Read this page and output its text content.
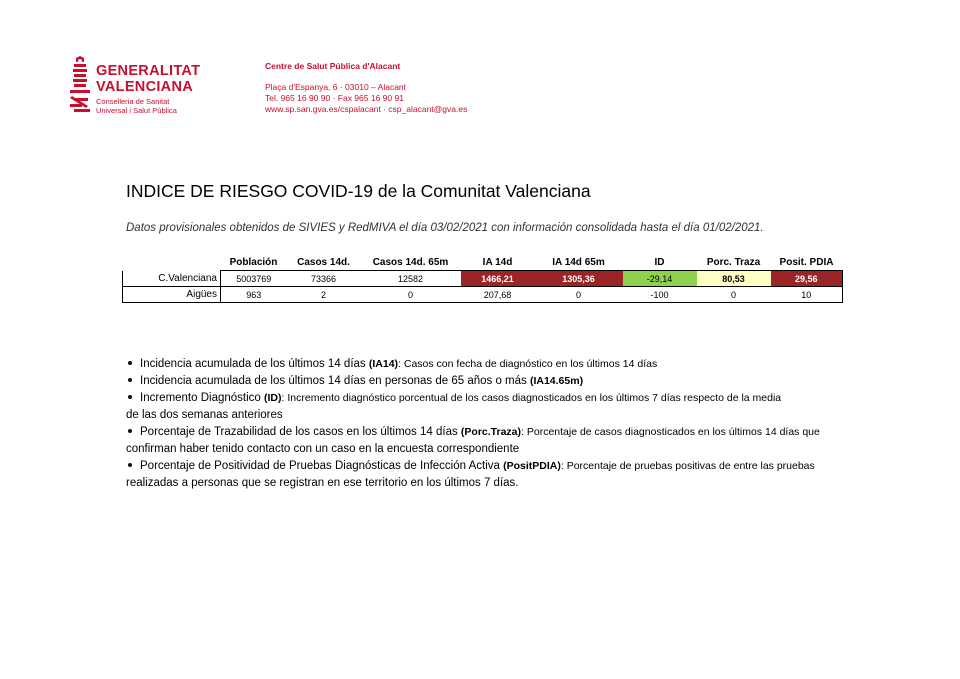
GENERALITAT
VALENCIANA
Conselleria de Sanitat
Universal i Salut Pública
Centre de Salut Pública d'Alacant
Plaça d'Espanya, 6 · 03010 – Alacant
Tel. 965 16 90 90 · Fax 965 16 90 91
www.sp.san.gva.es/cspalacant · csp_alacant@gva.es
INDICE DE RIESGO COVID-19 de la Comunitat Valenciana
Datos provisionales obtenidos de SIVIES y RedMIVA el día 03/02/2021 con información consolidada hasta el día 01/02/2021.
	Población	Casos 14d.	Casos 14d. 65m	IA 14d	IA 14d 65m	ID	Porc. Traza	Posit. PDIA
C.Valenciana	5003769	73366	12582	1466,21	1305,36	-29,14	80,53	29,56
Aigües	963	2	0	207,68	0	-100	0	10
Incidencia acumulada de los últimos 14 días (IA14): Casos con fecha de diagnóstico en los últimos 14 días
Incidencia acumulada de los últimos 14 días en personas de 65 años o más (IA14.65m)
Incremento Diagnóstico (ID): Incremento diagnóstico porcentual de los casos diagnosticados en los últimos 7 días respecto de la media
de las dos semanas anteriores
Porcentaje de Trazabilidad de los casos en los últimos 14 días (Porc.Traza): Porcentaje de casos diagnosticados en los últimos 14 días que
confirman haber tenido contacto con un caso en la encuesta correspondiente
Porcentaje de Positividad de Pruebas Diagnósticas de Infección Activa (PositPDIA): Porcentaje de pruebas positivas de entre las pruebas
realizadas a personas que se registran en ese territorio en los últimos 7 días.
